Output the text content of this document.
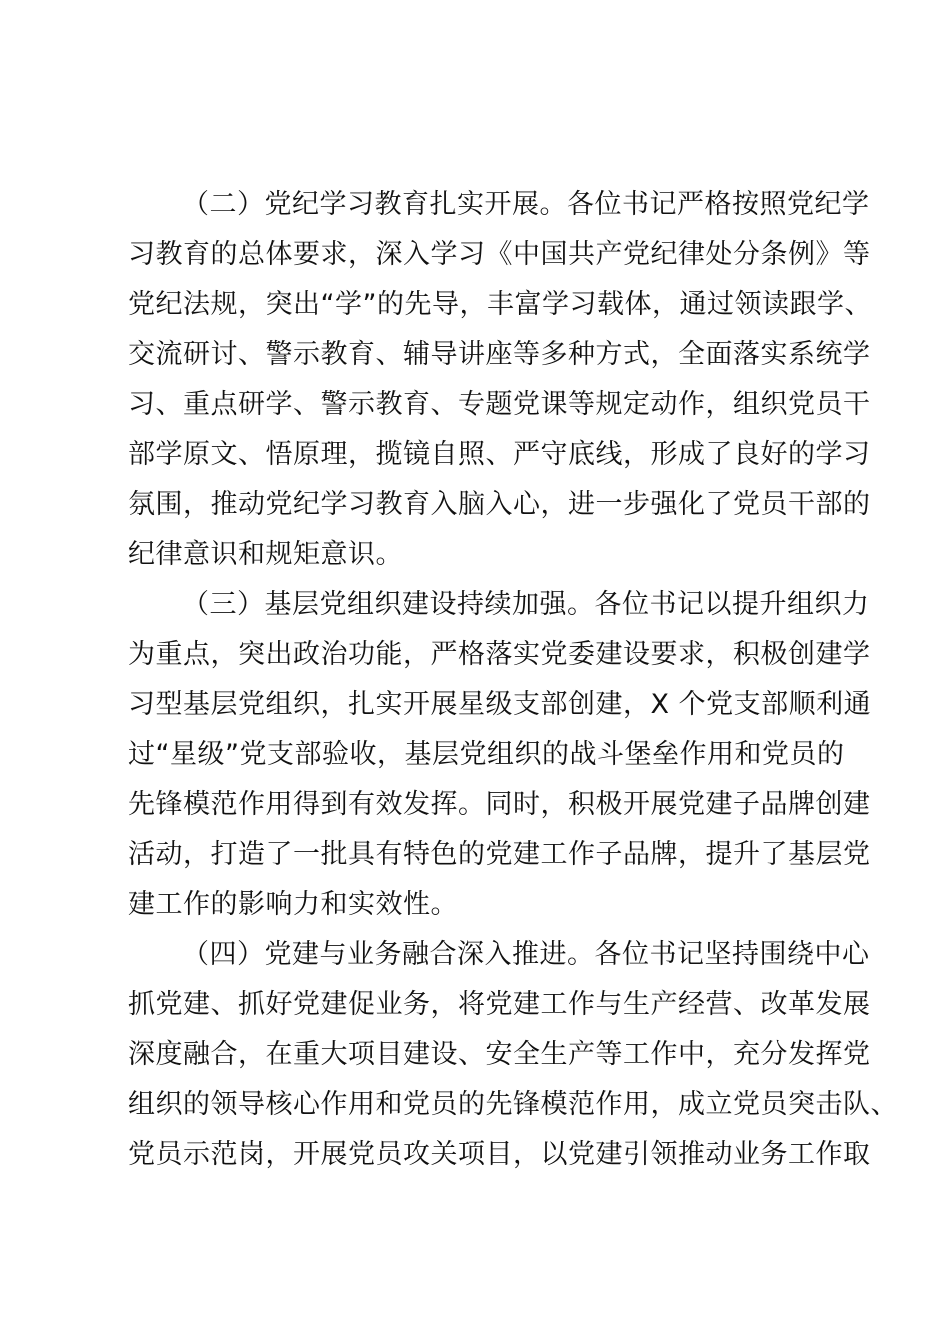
（二）党纪学习教育扎实开展。各位书记严格按照党纪学
习教育的总体要求，深入学习《中国共产党纪律处分条例》等
党纪法规，突出“学”的先导，丰富学习载体，通过领读跟学、
交流研讨、警示教育、辅导讲座等多种方式，全面落实系统学
习、重点研学、警示教育、专题党课等规定动作，组织党员干
部学原文、悟原理，揽镜自照、严守底线，形成了良好的学习
氛围，推动党纪学习教育入脑入心，进一步强化了党员干部的
纪律意识和规矩意识。
（三）基层党组织建设持续加强。各位书记以提升组织力
为重点，突出政治功能，严格落实党委建设要求，积极创建学
习型基层党组织，扎实开展星级支部创建，X 个党支部顺利通
过“星级”党支部验收，基层党组织的战斗堡垒作用和党员的
先锋模范作用得到有效发挥。同时，积极开展党建子品牌创建
活动，打造了一批具有特色的党建工作子品牌，提升了基层党
建工作的影响力和实效性。
（四）党建与业务融合深入推进。各位书记坚持围绕中心
抓党建、抓好党建促业务，将党建工作与生产经营、改革发展
深度融合，在重大项目建设、安全生产等工作中，充分发挥党
组织的领导核心作用和党员的先锋模范作用，成立党员突击队、
党员示范岗，开展党员攻关项目，以党建引领推动业务工作取
